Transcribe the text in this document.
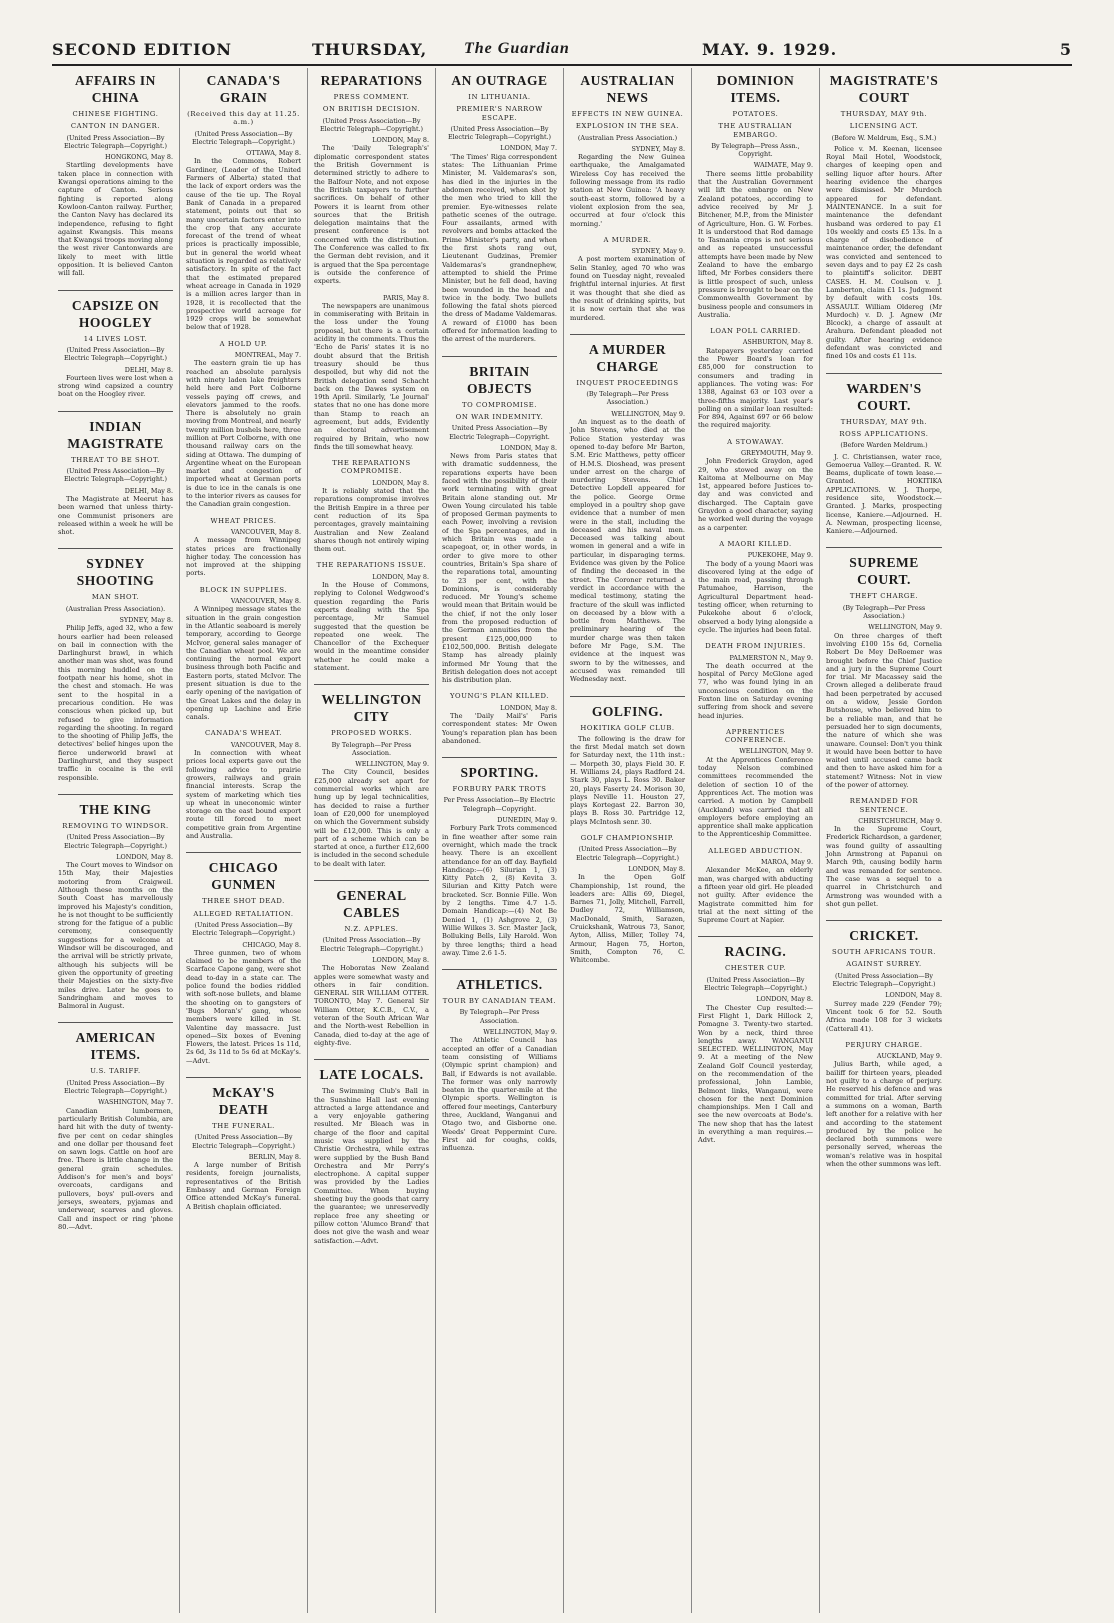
SECOND EDITION	THURSDAY, The Guardian	MAY. 9. 1929.	5
AFFAIRS IN CHINA
CHINESE FIGHTING.
CANTON IN DANGER.
(United Press Association—By Electric Telegraph—Copyright.)
HONGKONG, May 8.

Startling developments have taken place in connection with Kwangsi operations aiming to the capture of Canton. Serious fighting is reported along Kowloon-Canton railway. Further, the Canton Navy has declared its independence, refusing to fight against Kwangsis. This means that Kwangsi troops moving along the west river Cantonwards are likely to meet with little opposition. It is believed Canton will fall.

CAPSIZE ON HOOGLEY
14 LIVES LOST.
(United Press Association—By Electric Telegraph—Copyright.)
DELHI, May 8.

Fourteen lives were lost when a strong wind capsized a country boat on the Hoogley river.

INDIAN MAGISTRATE
THREAT TO BE SHOT.
(United Press Association—By Electric Telegraph—Copyright.)
DELHI, May 8.

The Magistrate at Meerut has been warned that unless thirty-one Communist prisoners are released within a week he will be shot.

SYDNEY SHOOTING
MAN SHOT.
(Australian Press Association).
SYDNEY, May 8.

Philip Jeffs, aged 32, who a few hours earlier had been released on bail in connection with the Darlinghurst brawl, in which another man was shot, was found this morning huddled on the footpath near his home, shot in the chest and stomach. He was sent to the hospital in a precarious condition. He was conscious when picked up, but refused to give information regarding the shooting. In regard to the shooting of Philip Jeffs, the detectives' belief hinges upon the fierce underworld brawl at Darlinghurst, and they suspect traffic in cocaine is the evil responsible.

THE KING
REMOVING TO WINDSOR.
(United Press Association—By Electric Telegraph—Copyright.)
LONDON, May 8.

The Court moves to Windsor on 15th May, their Majesties motoring from Craigweil. Although these months on the South Coast has marvellously improved his Majesty's condition, he is not thought to be sufficiently strong for the fatigue of a public ceremony, consequently suggestions for a welcome at Windsor will be discouraged, and the arrival will be strictly private, although his subjects will be given the opportunity of greeting their Majesties on the sixty-five miles drive. Later he goes to Sandringham and moves to Balmoral in August.

AMERICAN ITEMS.
U.S. TARIFF.
(United Press Association—By Electric Telegraph—Copyright.)
WASHINGTON, May 7.

Canadian lumbermen, particularly British Columbia, are hard hit with the duty of twenty-five per cent on cedar shingles and one dollar per thousand feet on sawn logs. Cattle on hoof are free. There is little change in the general grain schedules. Addison's for men's and boys' overcoats, cardigans and pullovers, boys' pull-overs and jerseys, sweaters, pyjamas and underwear, scarves and gloves. Call and inspect or ring 'phone 80.—Advt.

CANADA'S GRAIN
(Received this day at 11.25. a.m.)
(United Press Association—By Electric Telegraph—Copyright.)
OTTAWA, May 8.

In the Commons, Robert Gardiner, (Leader of the United Farmers of Alberta) stated that the lack of export orders was the cause of the tie up. The Royal Bank of Canada in a prepared statement, points out that so many uncertain factors enter into the crop that any accurate forecast of the trend of wheat prices is practically impossible, but in general the world wheat situation is regarded as relatively satisfactory. In spite of the fact that the estimated prepared wheat acreage in Canada in 1929 is a million acres larger than in 1928, it is recollected that the prospective world acreage for 1929 crops will be somewhat below that of 1928.

A HOLD UP.
MONTREAL, May 7.

The eastern grain tie up has reached an absolute paralysis with ninety laden lake freighters held here and Port Colborne vessels paying off crews, and elevators jammed to the roofs. There is absolutely no grain moving from Montreal, and nearly twenty million bushels here, three million at Port Colborne, with one thousand railway cars on the siding at Ottawa. The dumping of Argentine wheat on the European market and congestion of imported wheat at German ports is due to ice in the canals is one to the interior rivers as causes for the Canadian grain congestion.

WHEAT PRICES.
VANCOUVER, May 8.

A message from Winnipeg states prices are fractionally higher today. The concession has not improved at the shipping ports.

BLOCK IN SUPPLIES.
VANCOUVER, May 8.

A Winnipeg message states the situation in the grain congestion in the Atlantic seaboard is merely temporary, according to George McIvor, general sales manager of the Canadian wheat pool. We are continuing the normal export business through both Pacific and Eastern ports, stated McIvor. The present situation is due to the early opening of the navigation of the Great Lakes and the delay in opening up Lachine and Erie canals.

CANADA'S WHEAT.
VANCOUVER, May 8.

In connection with wheat prices local experts gave out the following advice to prairie growers, railways and grain financial interests. Scrap the system of marketing which ties up wheat in uneconomic winter storage on the east bound export route till forced to meet competitive grain from Argentine and Australia.

CHICAGO GUNMEN
THREE SHOT DEAD.
ALLEGED RETALIATION.
(United Press Association—By Electric Telegraph—Copyright.)
CHICAGO, May 8.

Three gunmen, two of whom claimed to be members of the Scarface Capone gang, were shot dead to-day in a state car. The police found the bodies riddled with soft-nose bullets, and blame the shooting on to gangsters of 'Bugs Moran's' gang, whose members were killed in St. Valentine day massacre. Just opened—Six boxes of Evening Flowers, the latest. Prices 1s 11d, 2s 6d, 3s 11d to 5s 6d at McKay's.—Advt.

McKAY'S DEATH
THE FUNERAL.
(United Press Association—By Electric Telegraph—Copyright.)
BERLIN, May 8.

A large number of British residents, foreign journalists, representatives of the British Embassy and German Foreign Office attended McKay's funeral. A British chaplain officiated.

REPARATIONS
PRESS COMMENT.
ON BRITISH DECISION.
(United Press Association—By Electric Telegraph—Copyright.)
LONDON, May 8.

The 'Daily Telegraph's' diplomatic correspondent states the British Government is determined strictly to adhere to the Balfour Note, and not expose the British taxpayers to further sacrifices. On behalf of other Powers it is learnt from other sources that the British delegation maintains that the present conference is not concerned with the distribution. The Conference was called to fix the German debt revision, and it is argued that the Spa percentage is outside the conference of experts.

PARIS, May 8.

The newspapers are unanimous in commiserating with Britain in the loss under the Young proposal, but there is a certain acidity in the comments. Thus the 'Echo de Paris' states it is no doubt absurd that the British treasury should be thus despoiled, but why did not the British delegation send Schacht back on the Dawes system on 19th April. Similarly, 'Le Journal' states that no one has done more than Stamp to reach an agreement, but adds, Evidently an electoral advertisement required by Britain, who now finds the till somewhat heavy.

THE REPARATIONS COMPROMISE.
LONDON, May 8.

It is reliably stated that the reparations compromise involves the British Empire in a three per cent reduction of its Spa percentages, gravely maintaining Australian and New Zealand shares though not entirely wiping them out.

THE REPARATIONS ISSUE.
LONDON, May 8.

In the House of Commons, replying to Colonel Wedgwood's question regarding the Paris experts dealing with the Spa percentage, Mr Samuel suggested that the question be repeated one week. The Chancellor of the Exchequer would in the meantime consider whether he could make a statement.

WELLINGTON CITY
PROPOSED WORKS.
By Telegraph—Per Press Association.
WELLINGTON, May 9.

The City Council, besides £25,000 already set apart for commercial works which are hung up by legal technicalities, has decided to raise a further loan of £20,000 for unemployed on which the Government subsidy will be £12,000. This is only a part of a scheme which can be started at once, a further £12,600 is included in the second schedule to be dealt with later.

GENERAL CABLES
N.Z. APPLES.
(United Press Association—By Electric Telegraph—Copyright.)
LONDON, May 8.

The Hoboratas New Zealand apples were somewhat wasty and others in fair condition. GENERAL SIR WILLIAM OTTER. TORONTO, May 7. General Sir William Otter, K.C.B., C.V., a veteran of the South African War and the North-west Rebellion in Canada, died to-day at the age of eighty-five.

LATE LOCALS.

The Swimming Club's Ball in the Sunshine Hall last evening attracted a large attendance and a very enjoyable gathering resulted. Mr Bleach was in charge of the floor and capital music was supplied by the Christie Orchestra, while extras were supplied by the Bush Band Orchestra and Mr Perry's electrophone. A capital supper was provided by the Ladies Committee. When buying sheeting buy the goods that carry the guarantee; we unreservedly replace free any sheeting or pillow cotton 'Alumco Brand' that does not give the wash and wear satisfaction.—Advt.

AN OUTRAGE
IN LITHUANIA.
PREMIER'S NARROW ESCAPE.
(United Press Association—By Electric Telegraph—Copyright.)
LONDON, May 7.

'The Times' Riga correspondent states: The Lithuanian Prime Minister, M. Valdemaras's son, has died in the injuries in the abdomen received, when shot by the men who tried to kill the premier. Eye-witnesses relate pathetic scenes of the outrage. Four assailants, armed with revolvers and bombs attacked the Prime Minister's party, and when the first shots rang out, Lieutenant Gudzinas, Premier Valdemaras's grandnephew, attempted to shield the Prime Minister, but he fell dead, having been wounded in the head and twice in the body. Two bullets following the fatal shots pierced the dress of Madame Valdemaras. A reward of £1000 has been offered for information leading to the arrest of the murderers.

BRITAIN OBJECTS
TO COMPROMISE.
ON WAR INDEMNITY.
United Press Association—By Electric Telegraph—Copyright.
LONDON, May 8.

News from Paris states that with dramatic suddenness, the reparations experts have been faced with the possibility of their work terminating with great Britain alone standing out. Mr Owen Young circulated his table of proposed German payments to each Power, involving a revision of the Spa percentages, and in which Britain was made a scapegoat, or, in other words, in order to give more to other countries, Britain's Spa share of the reparations total, amounting to 23 per cent, with the Dominions, is considerably reduced. Mr Young's scheme would mean that Britain would be the chief, if not the only loser from the proposed reduction of the German annuities from the present £125,000,000 to £102,500,000. British delegate Stamp has already plainly informed Mr Young that the British delegation does not accept his distribution plan.

YOUNG'S PLAN KILLED.
LONDON, May 8.

The 'Daily Mail's' Paris correspondent states: Mr Owen Young's reparation plan has been abandoned.

SPORTING.
FORBURY PARK TROTS
Per Press Association—By Electric Telegraph—Copyright.
DUNEDIN, May 9.

Forbury Park Trots commenced in fine weather after some rain overnight, which made the track heavy. There is an excellent attendance for an off day. Bayfield Handicap:—(6) Silurian 1, (3) Kitty Patch 2, (8) Kevita 3. Silurian and Kitty Patch were bracketed. Scr. Bonnie Fille. Won by 2 lengths. Time 4.7 1-5. Domain Handicap:—(4) Not Be Denied 1, (1) Ashgrove 2, (3) Willie Wilkes 3. Scr. Master Jack, Bolluking Bells, Lily Harold. Won by three lengths; third a head away. Time 2.6 1-5.

ATHLETICS.
TOUR BY CANADIAN TEAM.
By Telegraph—Per Press Association.
WELLINGTON, May 9.

The Athletic Council has accepted an offer of a Canadian team consisting of Williams (Olympic sprint champion) and Ball, if Edwards is not available. The former was only narrowly beaten in the quarter-mile at the Olympic sports. Wellington is offered four meetings, Canterbury three, Auckland, Wanganui and Otago two, and Gisborne one. Weeds' Great Peppermint Cure. First aid for coughs, colds, influenza.

AUSTRALIAN NEWS
EFFECTS IN NEW GUINEA.
EXPLOSION IN THE SEA.
(Australian Press Association.)
SYDNEY, May 8.

Regarding the New Guinea earthquake, the Amalgamated Wireless Coy has received the following message from its radio station at New Guinea: 'A heavy south-east storm, followed by a violent explosion from the sea, occurred at four o'clock this morning.'

A MURDER.
SYDNEY, May 9.

A post mortem examination of Selin Stanley, aged 70 who was found on Tuesday night, revealed frightful internal injuries. At first it was thought that she died as the result of drinking spirits, but it is now certain that she was murdered.

A MURDER CHARGE
INQUEST PROCEEDINGS
(By Telegraph—Per Press Association.)
WELLINGTON, May 9.

An inquest as to the death of John Stevens, who died at the Police Station yesterday was opened to-day before Mr Barton, S.M. Eric Matthews, petty officer of H.M.S. Dioshead, was present under arrest on the charge of murdering Stevens. Chief Detective Lopdell appeared for the police. George Orme employed in a poultry shop gave evidence that a number of men were in the stall, including the deceased and his naval men. Deceased was talking about women in general and a wife in particular, in disparaging terms. Evidence was given by the Police of finding the deceased in the street. The Coroner returned a verdict in accordance with the medical testimony, stating the fracture of the skull was inflicted on deceased by a blow with a bottle from Matthews. The preliminary hearing of the murder charge was then taken before Mr Page, S.M. The evidence at the inquest was sworn to by the witnesses, and accused was remanded till Wednesday next.

GOLFING.
HOKITIKA GOLF CLUB.

The following is the draw for the first Medal match set down for Saturday next, the 11th inst.:— Morpeth 30, plays Field 30. F. H. Williams 24, plays Radford 24. Stark 30, plays L. Ross 30. Baker 20, plays Faserty 24. Morison 30, plays Neville 11. Houston 27, plays Kortegast 22. Barron 30, plays B. Ross 30. Partridge 12, plays McIntosh senr. 30.

GOLF CHAMPIONSHIP.
(United Press Association—By Electric Telegraph—Copyright.)
LONDON, May 8.

In the Open Golf Championship, 1st round, the leaders are: Allis 69, Diegel, Barnes 71, Jolly, Mitchell, Farrell, Dudley 72, Williamson, MacDonald, Smith, Sarazen, Cruickshank, Watrous 73, Sanor, Ayton, Alliss, Miller, Tolley 74, Armour, Hagen 75, Horton, Smith, Compton 76, C. Whitcombe.

DOMINION ITEMS.
POTATOES.
THE AUSTRALIAN EMBARGO.
By Telegraph—Press Assn., Copyright.
WAIMATE, May 9.

There seems little probability that the Australian Government will lift the embargo on New Zealand potatoes, according to advice received by Mr J. Bitchener, M.P., from the Minister of Agriculture, Hon. G. W. Forbes. It is understood that Rod damage to Tasmania crops is not serious and as repeated unsuccessful attempts have been made by New Zealand to have the embargo lifted, Mr Forbes considers there is little prospect of such, unless pressure is brought to bear on the Commonwealth Government by business people and consumers in Australia.

LOAN POLL CARRIED.
ASHBURTON, May 8.

Ratepayers yesterday carried the Power Board's loan for £85,000 for construction to consumers and trading in appliances. The voting was: For 1388, Against 63 or 103 over a three-fifths majority. Last year's polling on a similar loan resulted: For 894, Against 697 or 66 below the required majority.

A STOWAWAY.
GREYMOUTH, May 9.

John Frederick Graydon, aged 29, who stowed away on the Kaitoma at Melbourne on May 1st, appeared before Justices to-day and was convicted and discharged. The Captain gave Graydon a good character, saying he worked well during the voyage as a carpenter.

A MAORI KILLED.
PUKEKOHE, May 9.

The body of a young Maori was discovered lying at the edge of the main road, passing through Patumahoe, Harrison, the Agricultural Department head-testing officer, when returning to Pukekohe about 6 o'clock, observed a body lying alongside a cycle. The injuries had been fatal.

DEATH FROM INJURIES.
PALMERSTON N., May 9.

The death occurred at the hospital of Percy McGlone aged 77, who was found lying in an unconscious condition on the Foxton line on Saturday evening suffering from shock and severe head injuries.

APPRENTICES CONFERENCE.
WELLINGTON, May 9.

At the Apprentices Conference today Nelson combined committees recommended the deletion of section 10 of the Apprentices Act. The motion was carried. A motion by Campbell (Auckland) was carried that all employers before employing an apprentice shall make application to the Apprenticeship Committee.

ALLEGED ABDUCTION.
MAROA, May 9.

Alexander McKee, an elderly man, was charged with abducting a fifteen year old girl. He pleaded not guilty. After evidence the Magistrate committed him for trial at the next sitting of the Supreme Court at Napier.

RACING.
CHESTER CUP.
(United Press Association—By Electric Telegraph—Copyright.)
LONDON, May 8.

The Chester Cup resulted:—First Flight 1, Dark Hillock 2, Pomagne 3. Twenty-two started. Won by a neck, third three lengths away. WANGANUI SELECTED. WELLINGTON, May 9. At a meeting of the New Zealand Golf Council yesterday, on the recommendation of the professional, John Lambie, Belmont links, Wanganui, were chosen for the next Dominion championships. Men I Call and see the new overcoats at Bode's. The new shop that has the latest in everything a man requires.—Advt.

MAGISTRATE'S COURT
THURSDAY, MAY 9th.
LICENSING ACT.
(Before W. Meldrum, Esq., S.M.)

Police v. M. Keenan, licensee Royal Mail Hotel, Woodstock, charges of keeping open and selling liquor after hours. After hearing evidence the charges were dismissed. Mr Murdoch appeared for defendant. MAINTENANCE. In a suit for maintenance the defendant husband was ordered to pay £1 10s weekly and costs £5 13s. In a charge of disobedience of maintenance order, the defendant was convicted and sentenced to seven days and to pay £2 2s cash to plaintiff's solicitor. DEBT CASES. H. M. Coulson v. J. Lamberton, claim £1 1s. Judgment by default with costs 10s. ASSAULT. William Oldereg (Mr Murdoch) v. D. J. Agnew (Mr Blcock), a charge of assault at Arahura. Defendant pleaded not guilty. After hearing evidence defendant was convicted and fined 10s and costs £1 11s.

WARDEN'S COURT.
THURSDAY, MAY 9th.
ROSS APPLICATIONS.
(Before Warden Meldrum.)

J. C. Christiansen, water race, Gemoerua Valley.—Granted. R. W. Beams, duplicate of town lease.—Granted. HOKITIKA APPLICATIONS. W. J. Thorpe, residence site, Woodstock.—Granted. J. Marks, prospecting license, Kaniere.—Adjourned. H. A. Newman, prospecting license, Kaniere.—Adjourned.

SUPREME COURT.
THEFT CHARGE.
(By Telegraph—Per Press Association.)
WELLINGTON, May 9.

On three charges of theft involving £100 15s 6d, Cornelia Robert De Mey DeRoemer was brought before the Chief Justice and a jury in the Supreme Court for trial. Mr Macassey said the Crown alleged a deliberate fraud had been perpetrated by accused on a widow, Jessie Gordon Butshouse, who believed him to be a reliable man, and that he persuaded her to sign documents, the nature of which she was unaware. Counsel: Don't you think it would have been better to have waited until accused came back and then to have asked him for a statement? Witness: Not in view of the power of attorney.

REMANDED FOR SENTENCE.
CHRISTCHURCH, May 9.

In the Supreme Court, Frederick Richardson, a gardener, was found guilty of assaulting John Armstrong at Papanui on March 9th, causing bodily harm and was remanded for sentence. The case was a sequel to a quarrel in Christchurch and Armstrong was wounded with a shot gun pellet.

CRICKET.
SOUTH AFRICANS TOUR.
AGAINST SURREY.
(United Press Association—By Electric Telegraph—Copyright.)
LONDON, May 8.

Surrey made 229 (Fender 79); Vincent took 6 for 52. South Africa made 108 for 3 wickets (Catterall 41).

PERJURY CHARGE.
AUCKLAND, May 9.

Julius Barth, while aged, a bailiff for thirteen years, pleaded not guilty to a charge of perjury. He reserved his defence and was committed for trial. After serving a summons on a woman, Barth left another for a relative with her and according to the statement produced by the police he declared both summons were personally served, whereas the woman's relative was in hospital when the other summons was left.
